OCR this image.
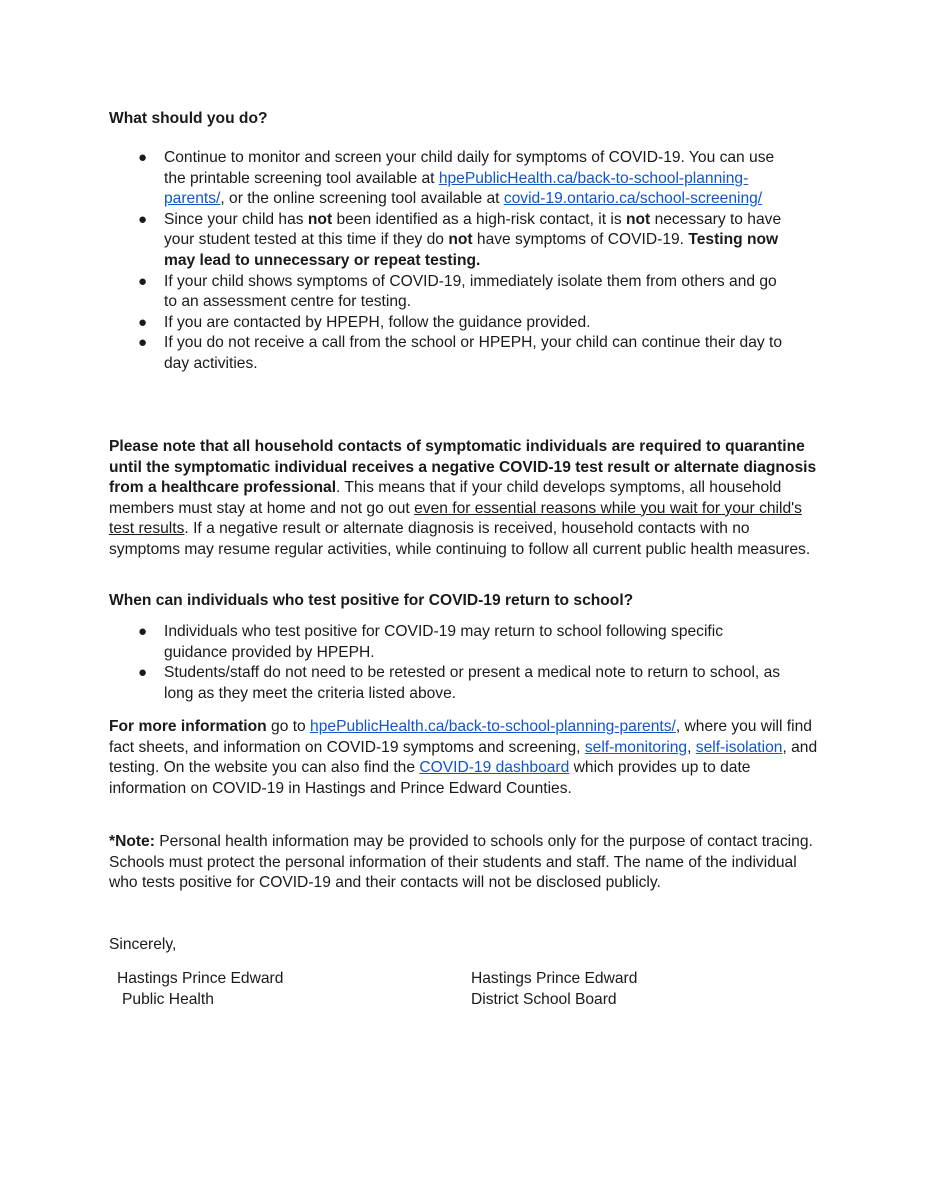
What should you do?

● Continue to monitor and screen your child daily for symptoms of COVID-19. You can use the printable screening tool available at hpePublicHealth.ca/back-to-school-planning-parents/, or the online screening tool available at covid-19.ontario.ca/school-screening/
● Since your child has not been identified as a high-risk contact, it is not necessary to have your student tested at this time if they do not have symptoms of COVID-19. Testing now may lead to unnecessary or repeat testing.
● If your child shows symptoms of COVID-19, immediately isolate them from others and go to an assessment centre for testing.
● If you are contacted by HPEPH, follow the guidance provided.
● If you do not receive a call from the school or HPEPH, your child can continue their day to day activities.

Please note that all household contacts of symptomatic individuals are required to quarantine until the symptomatic individual receives a negative COVID-19 test result or alternate diagnosis from a healthcare professional. This means that if your child develops symptoms, all household members must stay at home and not go out even for essential reasons while you wait for your child's test results. If a negative result or alternate diagnosis is received, household contacts with no symptoms may resume regular activities, while continuing to follow all current public health measures.

When can individuals who test positive for COVID-19 return to school?

● Individuals who test positive for COVID-19 may return to school following specific guidance provided by HPEPH.
● Students/staff do not need to be retested or present a medical note to return to school, as long as they meet the criteria listed above.

For more information go to hpePublicHealth.ca/back-to-school-planning-parents/, where you will find fact sheets, and information on COVID-19 symptoms and screening, self-monitoring, self-isolation, and testing. On the website you can also find the COVID-19 dashboard which provides up to date information on COVID-19 in Hastings and Prince Edward Counties.

*Note: Personal health information may be provided to schools only for the purpose of contact tracing. Schools must protect the personal information of their students and staff. The name of the individual who tests positive for COVID-19 and their contacts will not be disclosed publicly.

Sincerely,

Hastings Prince Edward
Public Health
Hastings Prince Edward
District School Board
